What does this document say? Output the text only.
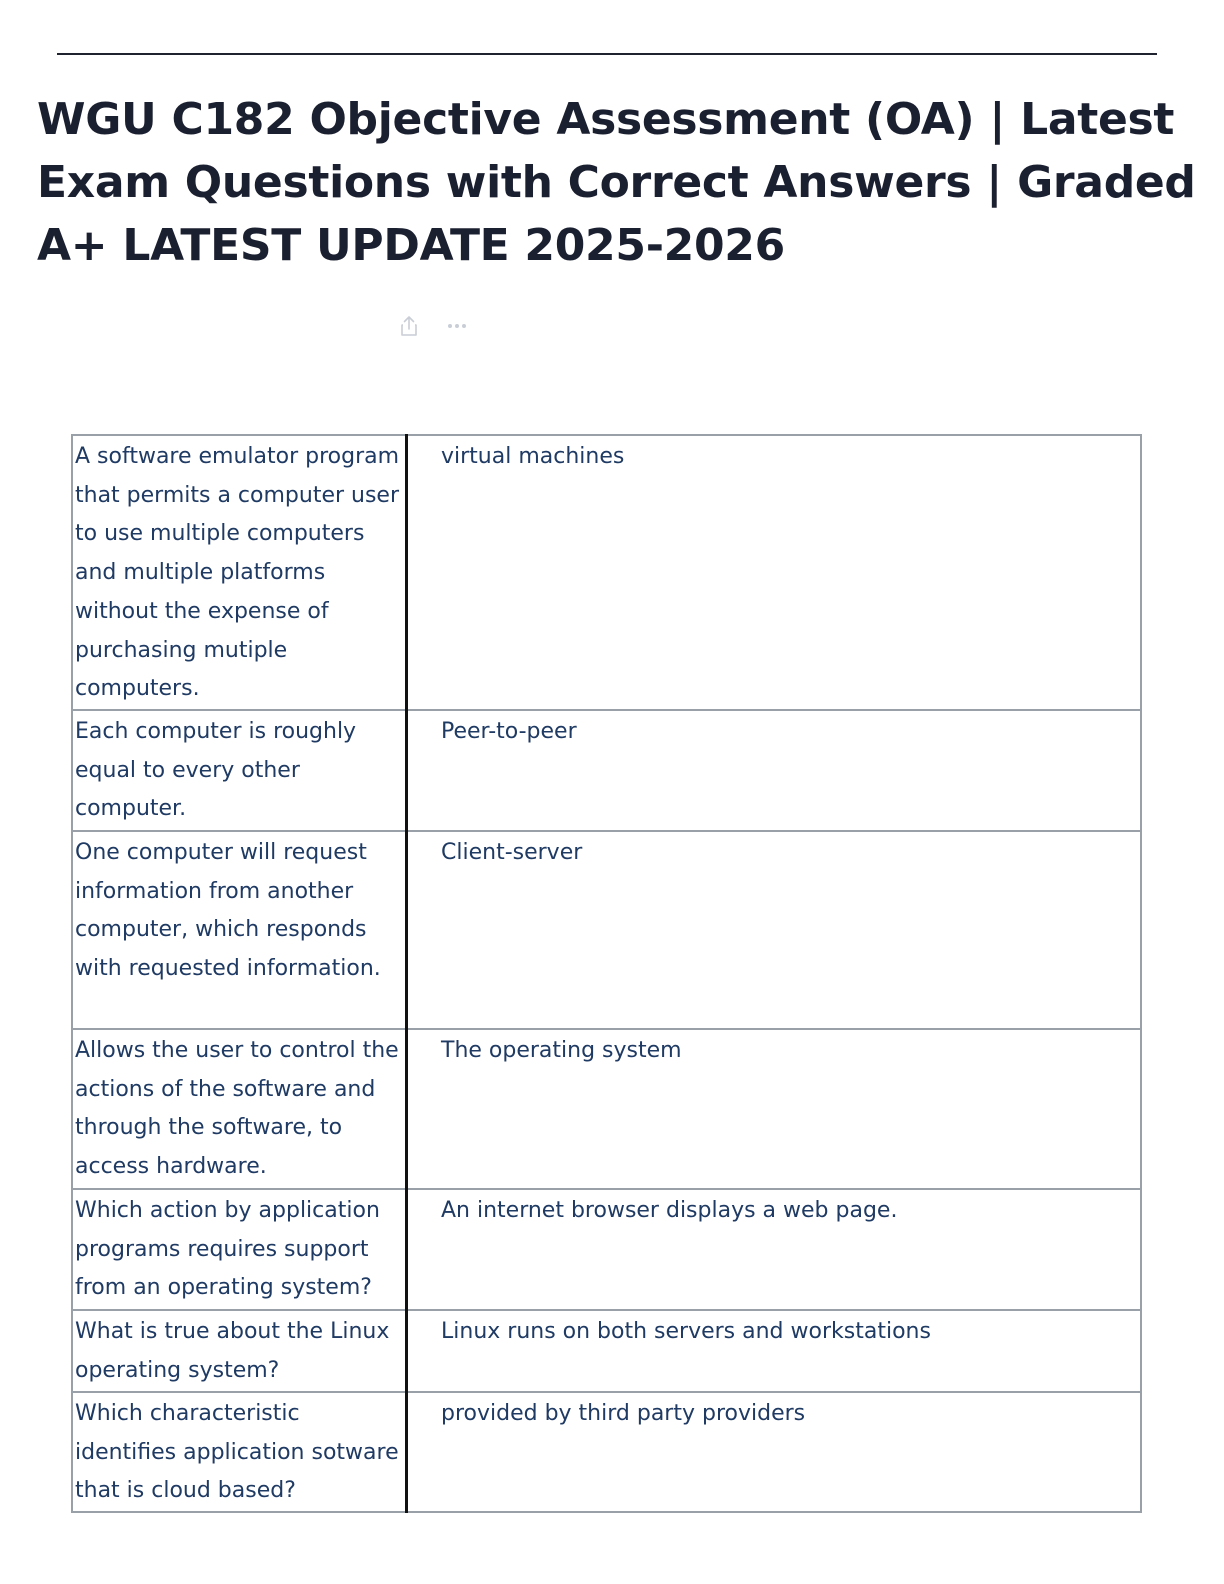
WGU C182 Objective Assessment (OA) | Latest Exam Questions with Correct Answers | Graded A+ LATEST UPDATE 2025-2026
A software emulator program that permits a computer user to use multiple computers and multiple platforms without the expense of purchasing mutiple computers.	virtual machines
Each computer is roughly equal to every other computer.	Peer-to-peer
One computer will request information from another computer, which responds with requested information.	Client-server
Allows the user to control the actions of the software and through the software, to access hardware.	The operating system
Which action by application programs requires support from an operating system?	An internet browser displays a web page.
What is true about the Linux operating system?	Linux runs on both servers and workstations
Which characteristic identifies application sotware that is cloud based?	provided by third party providers
